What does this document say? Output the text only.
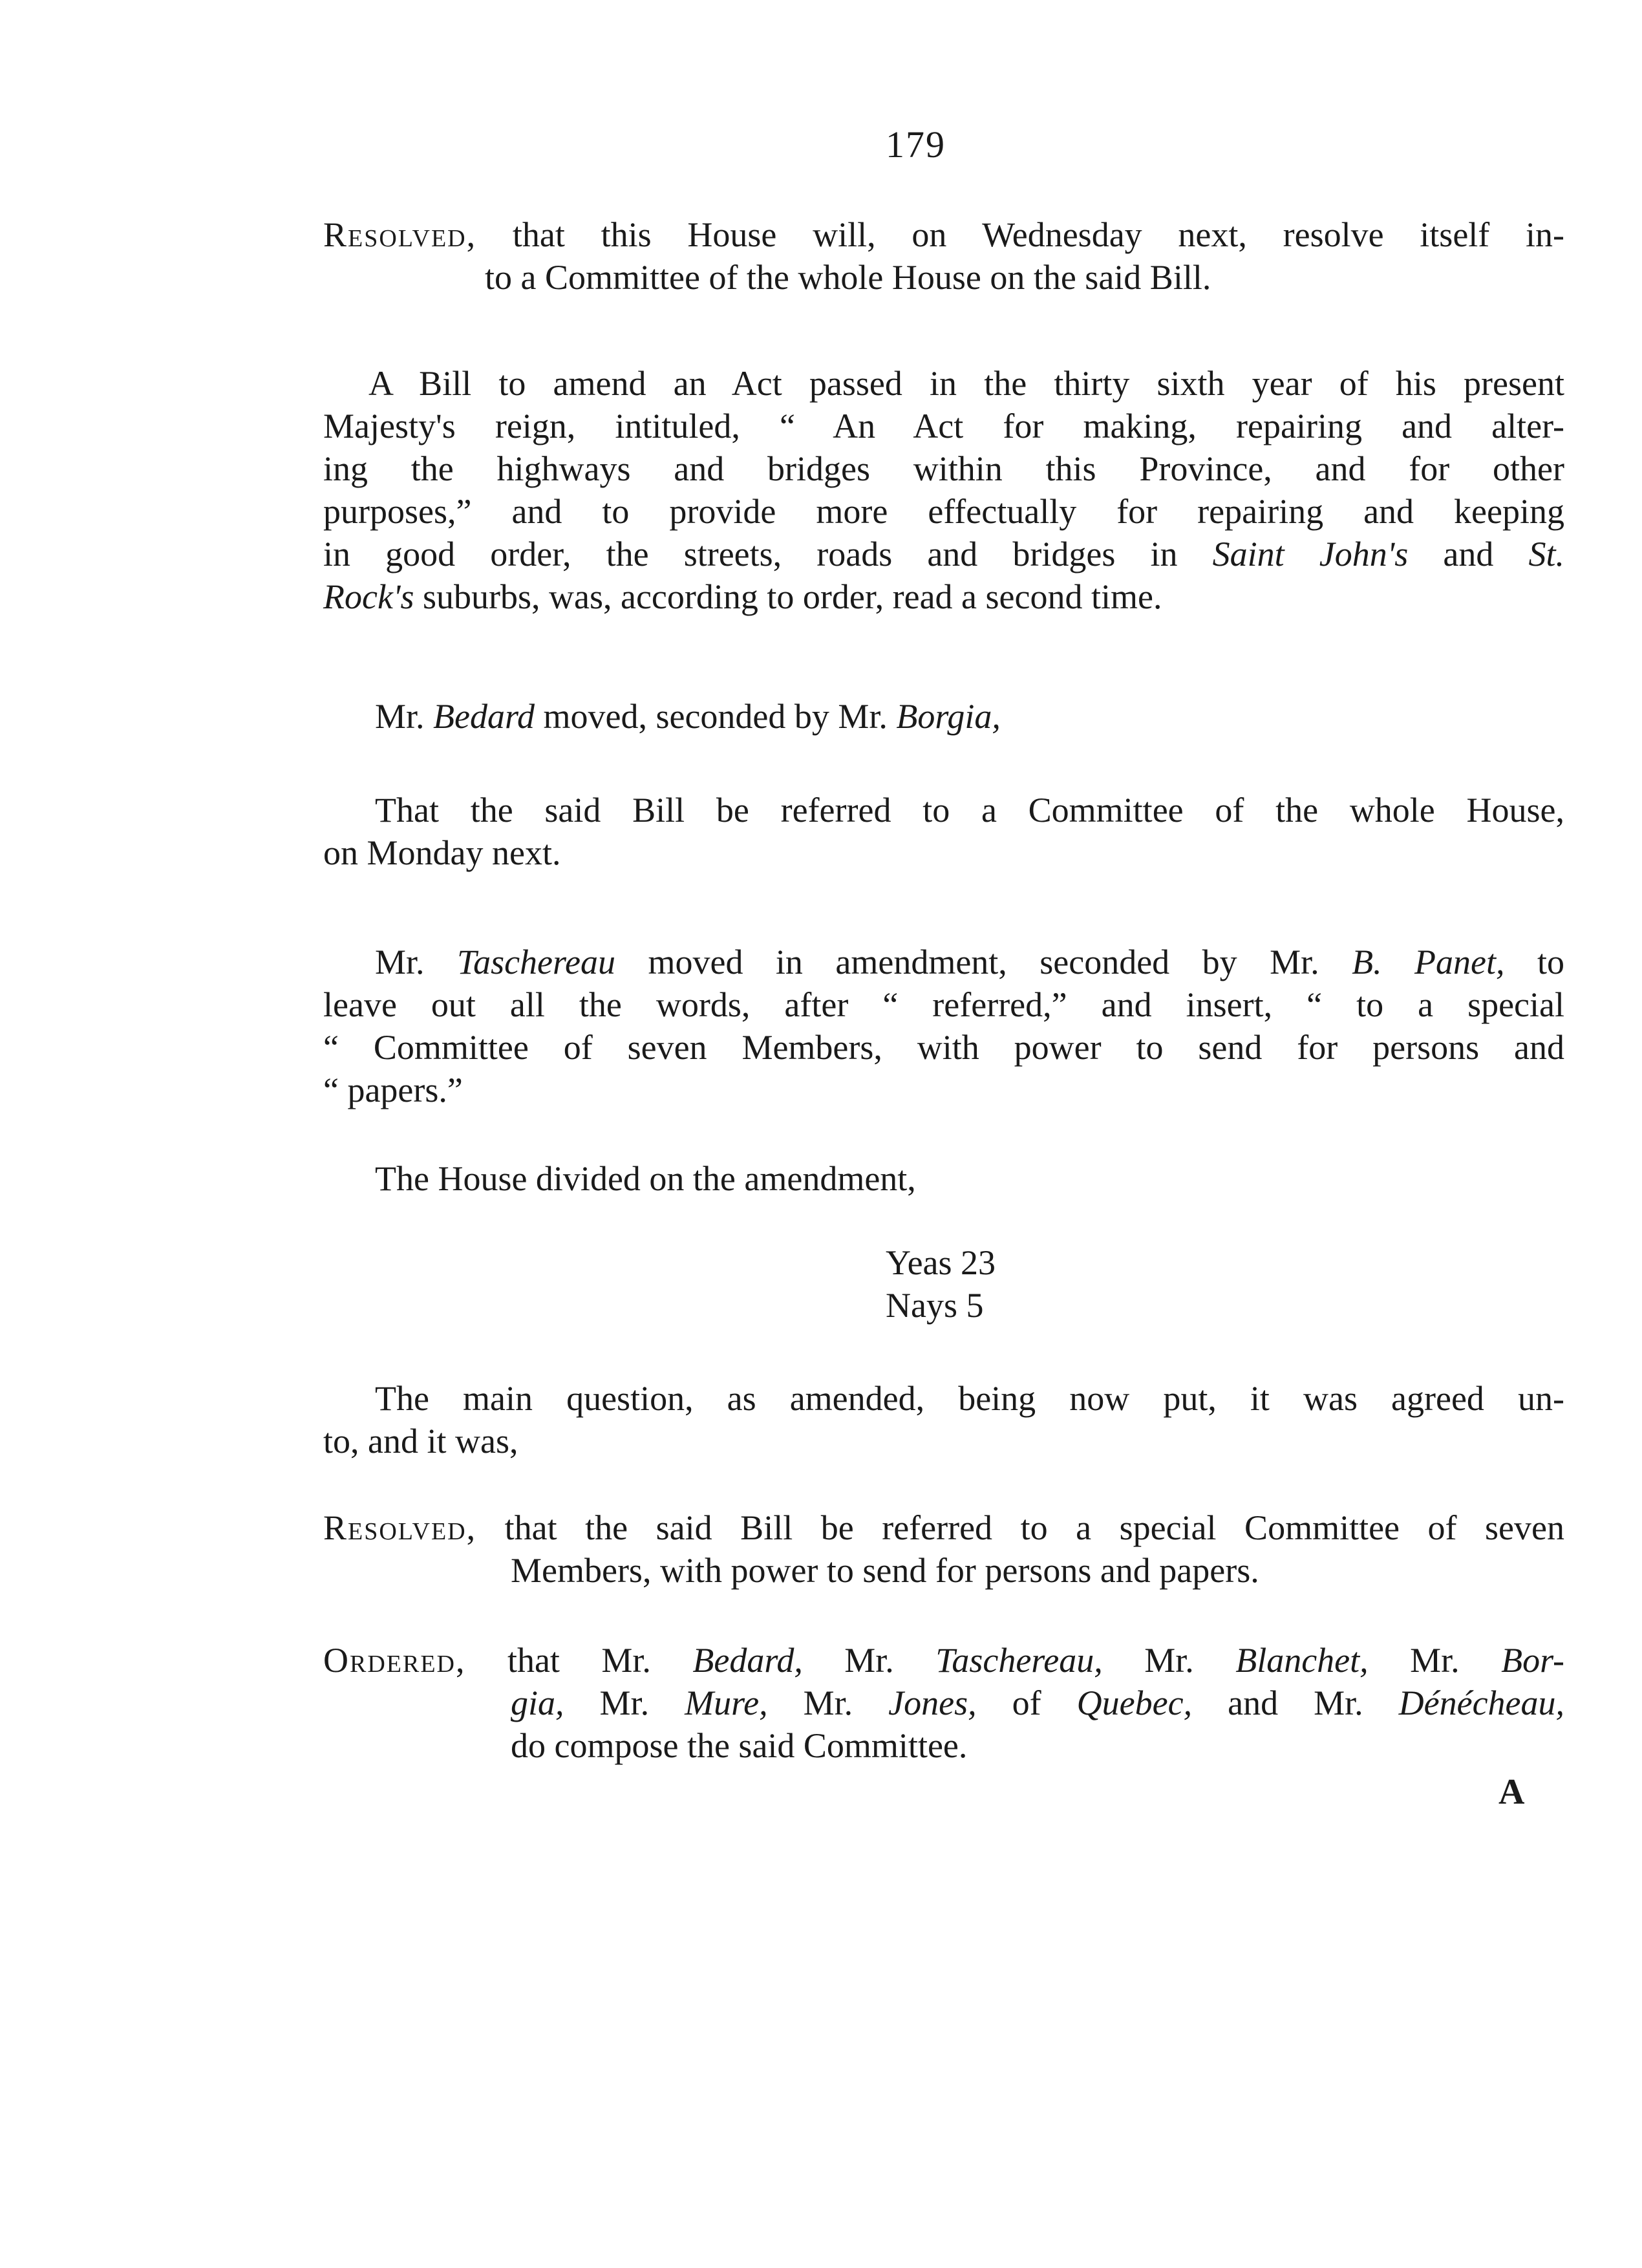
179
Resolved, that this House will, on Wednesday next, resolve itself in-
to a Committee of the whole House on the said Bill.
A Bill to amend an Act passed in the thirty sixth year of his present
Majesty's reign, intituled, “ An Act for making, repairing and alter-
ing the highways and bridges within this Province, and for other
purposes,” and to provide more effectually for repairing and keeping
in good order, the streets, roads and bridges in Saint John's and St.
Rock's suburbs, was, according to order, read a second time.
Mr. Bedard moved, seconded by Mr. Borgia,
That the said Bill be referred to a Committee of the whole House,
on Monday next.
Mr. Taschereau moved in amendment, seconded by Mr. B. Panet, to
leave out all the words, after “ referred,” and insert, “ to a special
“ Committee of seven Members, with power to send for persons and
“ papers.”
The House divided on the amendment,
Yeas 23
Nays 5
The main question, as amended, being now put, it was agreed un-
to, and it was,
Resolved, that the said Bill be referred to a special Committee of seven
Members, with power to send for persons and papers.
Ordered, that Mr. Bedard, Mr. Taschereau, Mr. Blanchet, Mr. Bor-
gia, Mr. Mure, Mr. Jones, of Quebec, and Mr. Dénécheau,
do compose the said Committee.
A
